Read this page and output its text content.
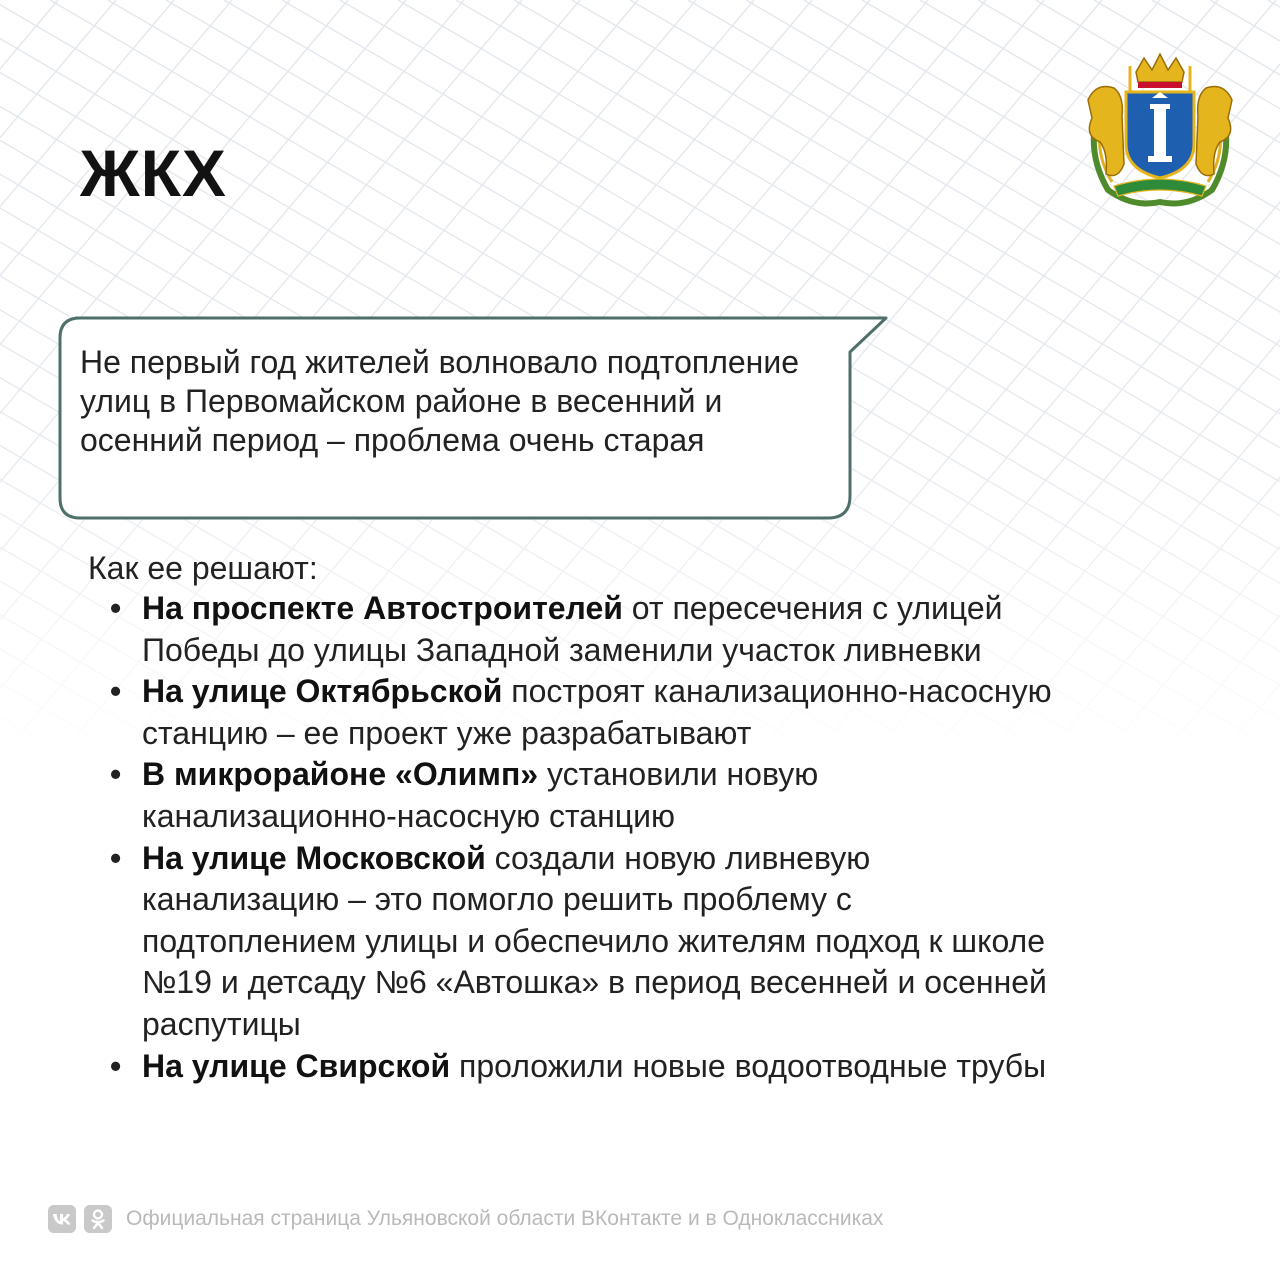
ЖКХ

Не первый год жителей волновало подтопление улиц в Первомайском районе в весенний и осенний период – проблема очень старая

Как ее решают:

• На проспекте Автостроителей от пересечения с улицей Победы до улицы Западной заменили участок ливневки
• На улице Октябрьской построят канализационно-насосную станцию – ее проект уже разрабатывают
• В микрорайоне «Олимп» установили новую канализационно-насосную станцию
• На улице Московской создали новую ливневую канализацию – это помогло решить проблему с подтоплением улицы и обеспечило жителям подход к школе №19 и детсаду №6 «Автошка» в период весенней и осенней распутицы
• На улице Свирской проложили новые водоотводные трубы
Официальная страница Ульяновской области ВКонтакте и в Одноклассниках
